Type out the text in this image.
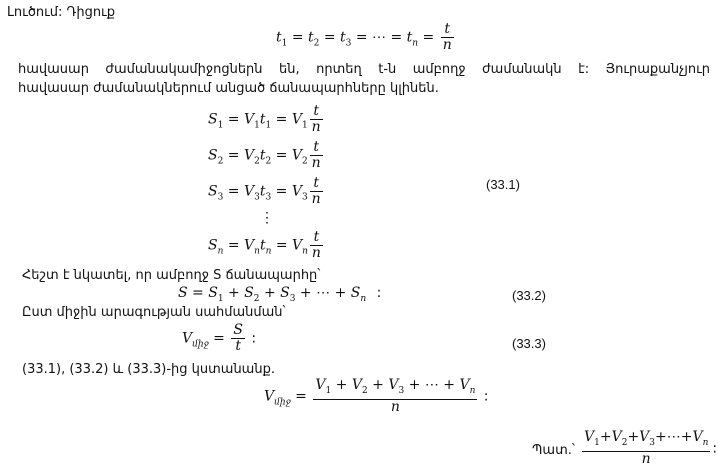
Լուծում: Դիցուք
$t_1 = t_2 = t_3$ = ⋯ = $t_n = \frac{t}{n}$
հավասար ժամանակամիջոցներն են, որտեղ t-ն ամբողջ ժամանակն է: Յուրաքանչյուր
հավասար ժամանակներում անցած ճանապարհները կլինեն.
$S_1 = V_1t_1 = V_1 \frac{t}{n}$
$S_2 = V_2t_2 = V_2 \frac{t}{n}$
$S_3 = V_3t_3 = V_3 \frac{t}{n}$
⋮
$S_n = V_nt_n = V_n \frac{t}{n}$
(33.1)
Հեշտ է նկատել, որ ամբողջ S ճանապարհը՝
$S = S_1 + S_2 + S_3$ + ⋯ + $S_n$ :	(33.2)
Ըստ միջին արագության սահմանման՝
$V_{միջ} = \frac{S}{t}$ :	(33.3)
(33.1), (33.2) և (33.3)-ից կստանանք.
$V_{միջ} = \frac{V_1 + V_2 + V_3 + \cdots + V_n}{n}$ :
Պատ.՝ $\frac{V_1+V_2+V_3+\cdots+V_n}{n}$ :
